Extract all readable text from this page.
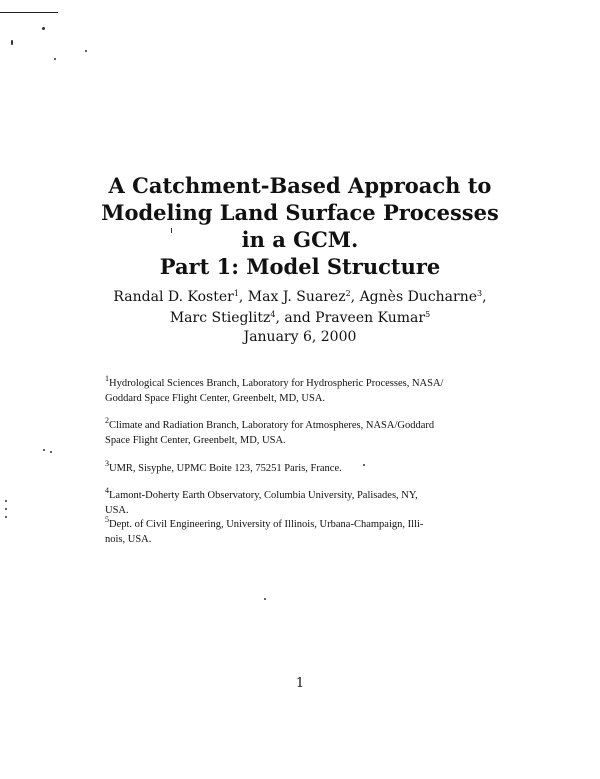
A Catchment-Based Approach to
Modeling Land Surface Processes
in a GCM.
Part 1: Model Structure
Randal D. Koster$^1$, Max J. Suarez$^2$, Agnès Ducharne$^3$,
Marc Stieglitz$^4$, and Praveen Kumar$^5$
January 6, 2000
$^1$Hydrological Sciences Branch, Laboratory for Hydrospheric Processes, NASA/
Goddard Space Flight Center, Greenbelt, MD, USA.
$^2$Climate and Radiation Branch, Laboratory for Atmospheres, NASA/Goddard
Space Flight Center, Greenbelt, MD, USA.
$^3$UMR, Sisyphe, UPMC Boite 123, 75251 Paris, France.
$^4$Lamont-Doherty Earth Observatory, Columbia University, Palisades, NY,
USA.
$^5$Dept. of Civil Engineering, University of Illinois, Urbana-Champaign, Illi-
nois, USA.
1
